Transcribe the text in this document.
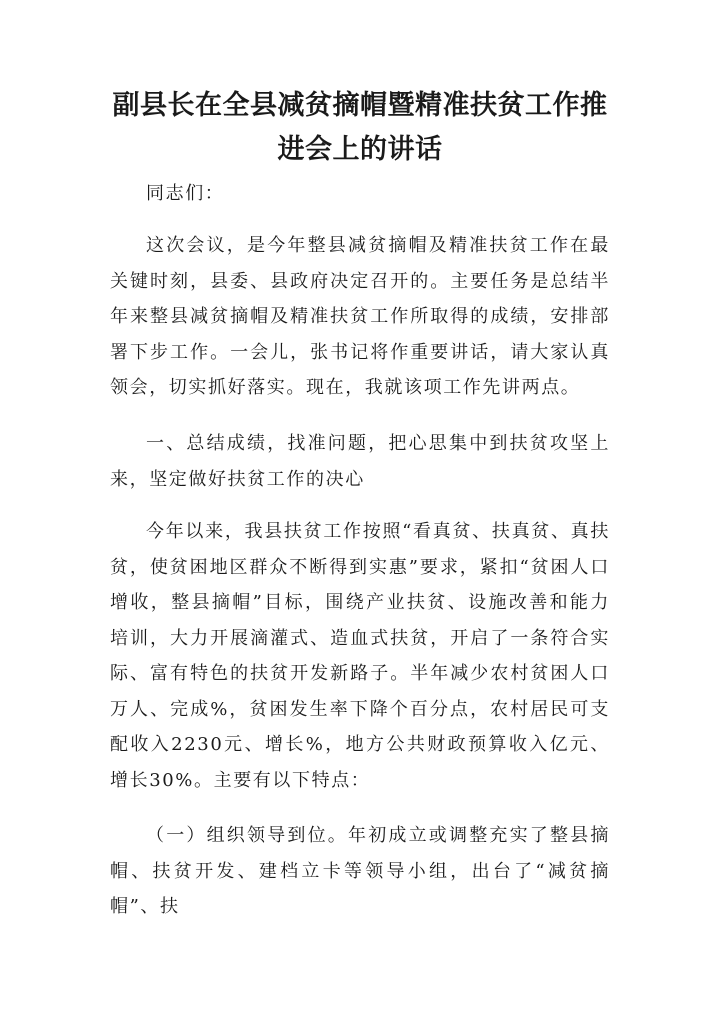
副县长在全县减贫摘帽暨精准扶贫工作推进会上的讲话

同志们：

这次会议，是今年整县减贫摘帽及精准扶贫工作在最关键时刻，县委、县政府决定召开的。主要任务是总结半年来整县减贫摘帽及精准扶贫工作所取得的成绩，安排部署下步工作。一会儿，张书记将作重要讲话，请大家认真领会，切实抓好落实。现在，我就该项工作先讲两点。

一、总结成绩，找准问题，把心思集中到扶贫攻坚上来，坚定做好扶贫工作的决心

今年以来，我县扶贫工作按照“看真贫、扶真贫、真扶贫，使贫困地区群众不断得到实惠”要求，紧扣“贫困人口增收，整县摘帽”目标，围绕产业扶贫、设施改善和能力培训，大力开展滴灌式、造血式扶贫，开启了一条符合实际、富有特色的扶贫开发新路子。半年减少农村贫困人口万人、完成%，贫困发生率下降个百分点，农村居民可支配收入2230元、增长%，地方公共财政预算收入亿元、增长30%。主要有以下特点：

（一）组织领导到位。年初成立或调整充实了整县摘帽、扶贫开发、建档立卡等领导小组，出台了“减贫摘帽”、扶
